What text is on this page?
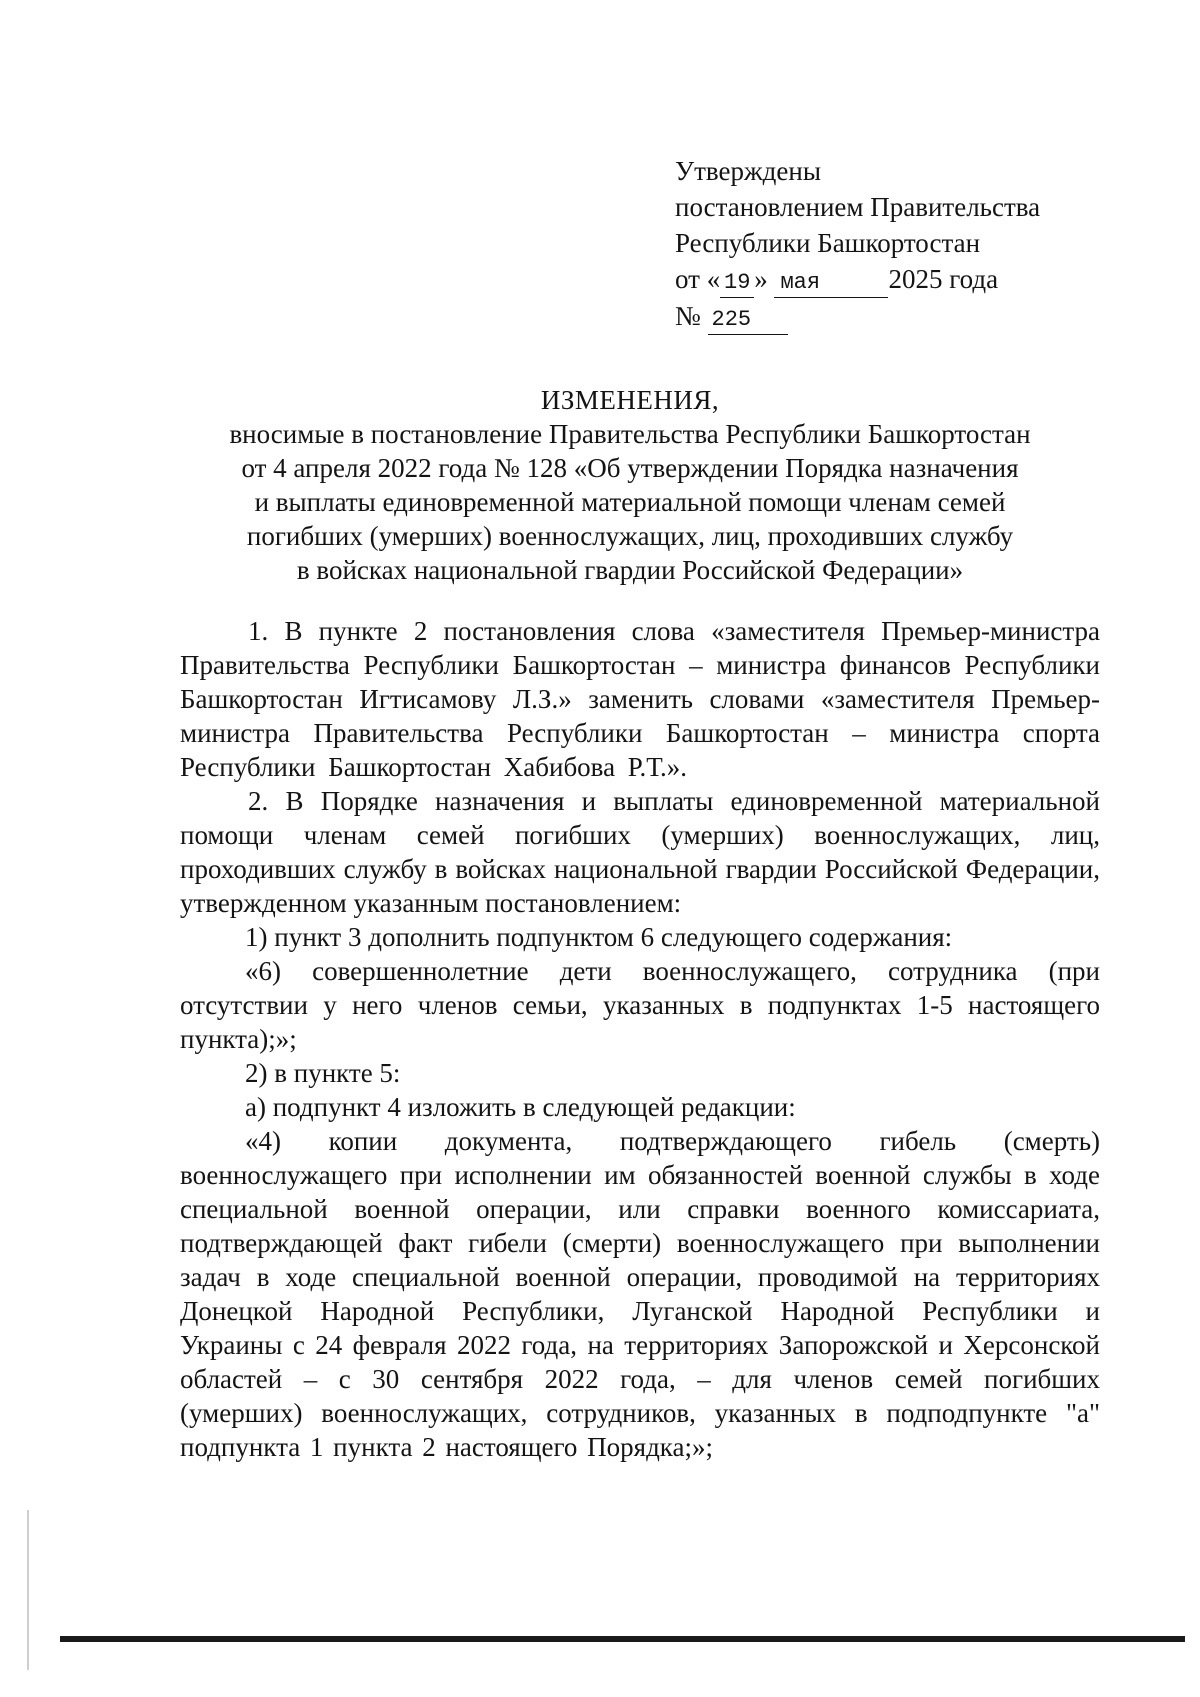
Утверждены
постановлением Правительства
Республики Башкортостан
от « 19 » мая	2025 года
№ 225
ИЗМЕНЕНИЯ,
вносимые в постановление Правительства Республики Башкортостан
от 4 апреля 2022 года № 128 «Об утверждении Порядка назначения
и выплаты единовременной материальной помощи членам семей
погибших (умерших) военнослужащих, лиц, проходивших службу
в войсках национальной гвардии Российской Федерации»

1. В пункте 2 постановления слова «заместителя Премьер-министра Правительства Республики Башкортостан – министра финансов Республики Башкортостан Игтисамову Л.З.» заменить словами «заместителя Премьер-министра Правительства Республики Башкортостан – министра спорта Республики Башкортостан Хабибова Р.Т.».

2. В Порядке назначения и выплаты единовременной материальной помощи членам семей погибших (умерших) военнослужащих, лиц, проходивших службу в войсках национальной гвардии Российской Федерации, утвержденном указанным постановлением:

1) пункт 3 дополнить подпунктом 6 следующего содержания:

«6) совершеннолетние дети военнослужащего, сотрудника (при отсутствии у него членов семьи, указанных в подпунктах 1-5 настоящего пункта);»;

2) в пункте 5:

а) подпункт 4 изложить в следующей редакции:

«4) копии документа, подтверждающего гибель (смерть) военнослужащего при исполнении им обязанностей военной службы в ходе специальной военной операции, или справки военного комиссариата, подтверждающей факт гибели (смерти) военнослужащего при выполнении задач в ходе специальной военной операции, проводимой на территориях Донецкой Народной Республики, Луганской Народной Республики и Украины с 24 февраля 2022 года, на территориях Запорожской и Херсонской областей – с 30 сентября 2022 года, – для членов семей погибших (умерших) военнослужащих, сотрудников, указанных в подподпункте "а" подпункта 1 пункта 2 настоящего Порядка;»;
